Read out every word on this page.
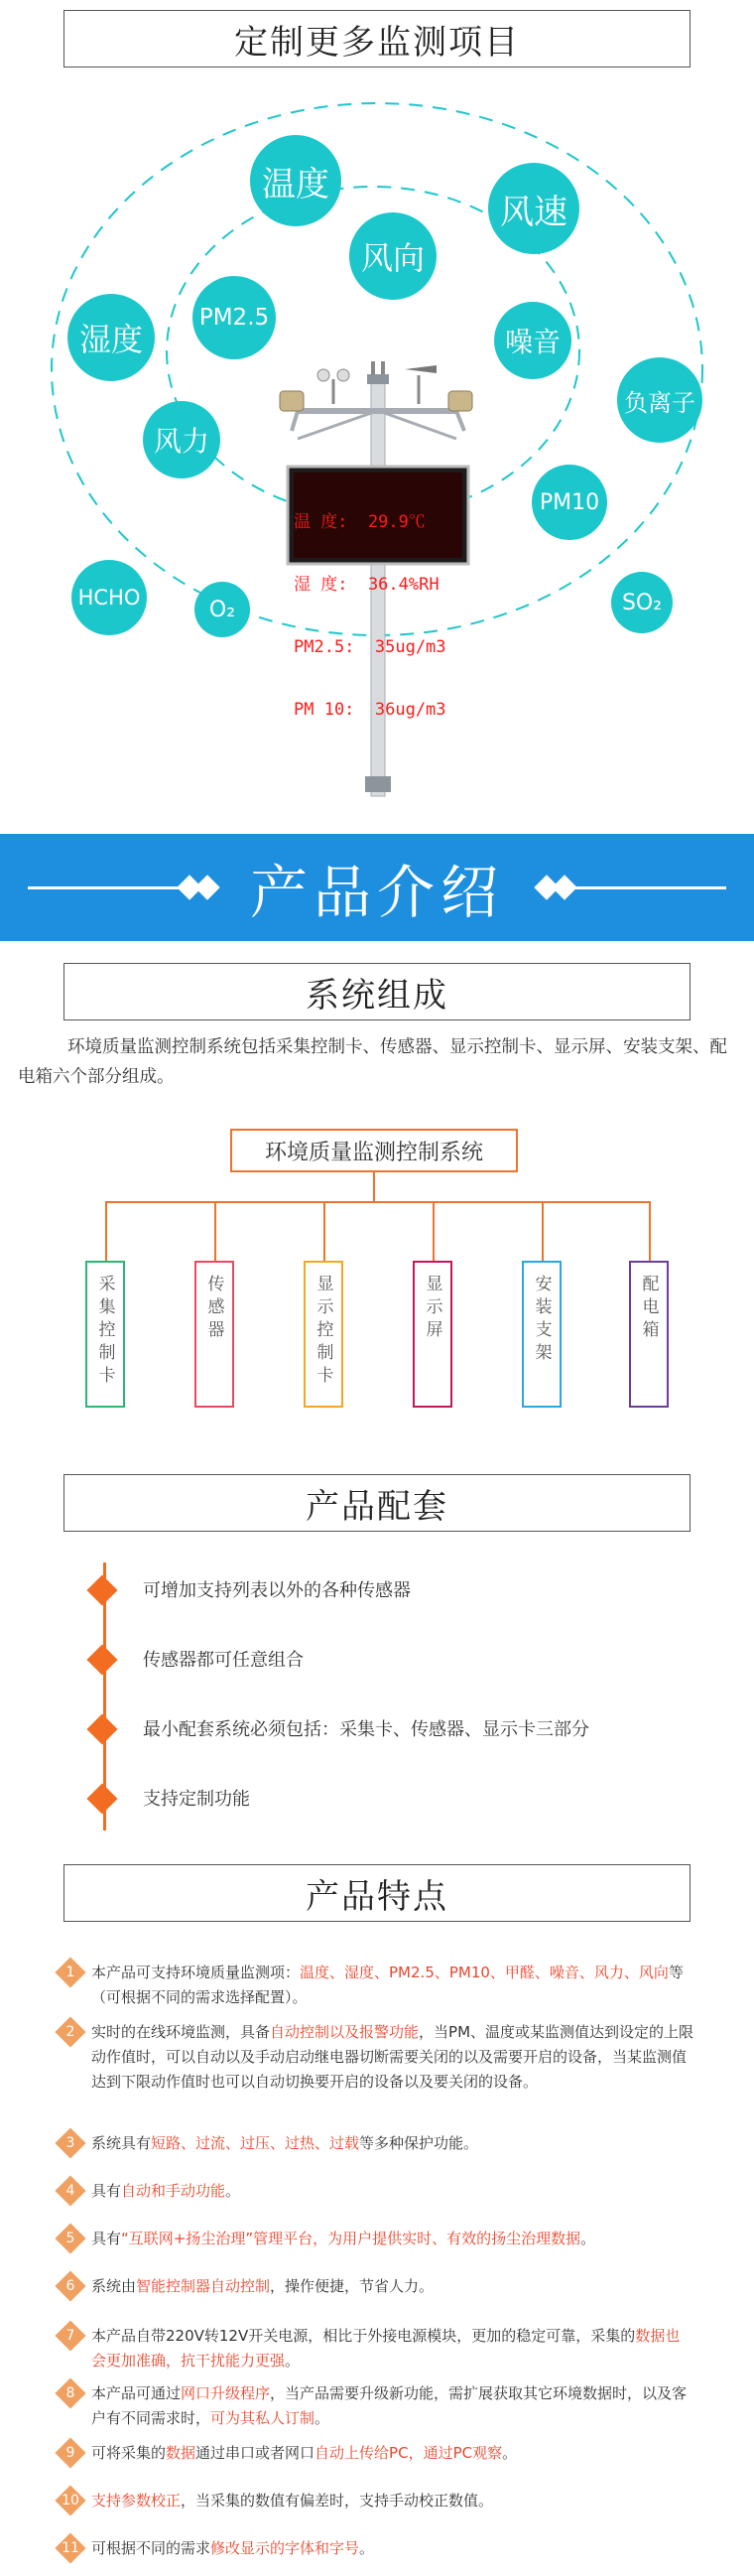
定制更多监测项目

温 度:  29.9℃

湿 度:  36.4%RH

PM2.5:  35ug/m3

PM 10:  36ug/m3

温度
风速
风向
湿度
PM2.5
噪音
负离子
风力
PM10
HCHO	O₂	SO₂
产品介绍
系统组成
环境质量监测控制系统包括采集控制卡、传感器、显示控制卡、显示屏、安装支架、配电箱六个部分组成。
环境质量监测控制系统
采集控制卡	传感器	显示控制卡	显示屏	安装支架	配电箱
产品配套
可增加支持列表以外的各种传感器
传感器都可任意组合
最小配套系统必须包括：采集卡、传感器、显示卡三部分
支持定制功能
产品特点
1	本产品可支持环境质量监测项：温度、湿度、PM2.5、PM10、甲醛、噪音、风力、风向等（可根据不同的需求选择配置）。
2	实时的在线环境监测，具备自动控制以及报警功能，当PM、温度或某监测值达到设定的上限动作值时，可以自动以及手动启动继电器切断需要关闭的以及需要开启的设备，当某监测值达到下限动作值时也可以自动切换要开启的设备以及要关闭的设备。
3	系统具有短路、过流、过压、过热、过载等多种保护功能。
4	具有自动和手动功能。
5	具有“互联网+扬尘治理”管理平台，为用户提供实时、有效的扬尘治理数据。
6	系统由智能控制器自动控制，操作便捷，节省人力。
7	本产品自带220V转12V开关电源，相比于外接电源模块，更加的稳定可靠，采集的数据也会更加准确，抗干扰能力更强。
8	本产品可通过网口升级程序，当产品需要升级新功能，需扩展获取其它环境数据时，以及客户有不同需求时，可为其私人订制。
9	可将采集的数据通过串口或者网口自动上传给PC，通过PC观察。
10 支持参数校正，当采集的数值有偏差时，支持手动校正数值。
11 可根据不同的需求修改显示的字体和字号。
